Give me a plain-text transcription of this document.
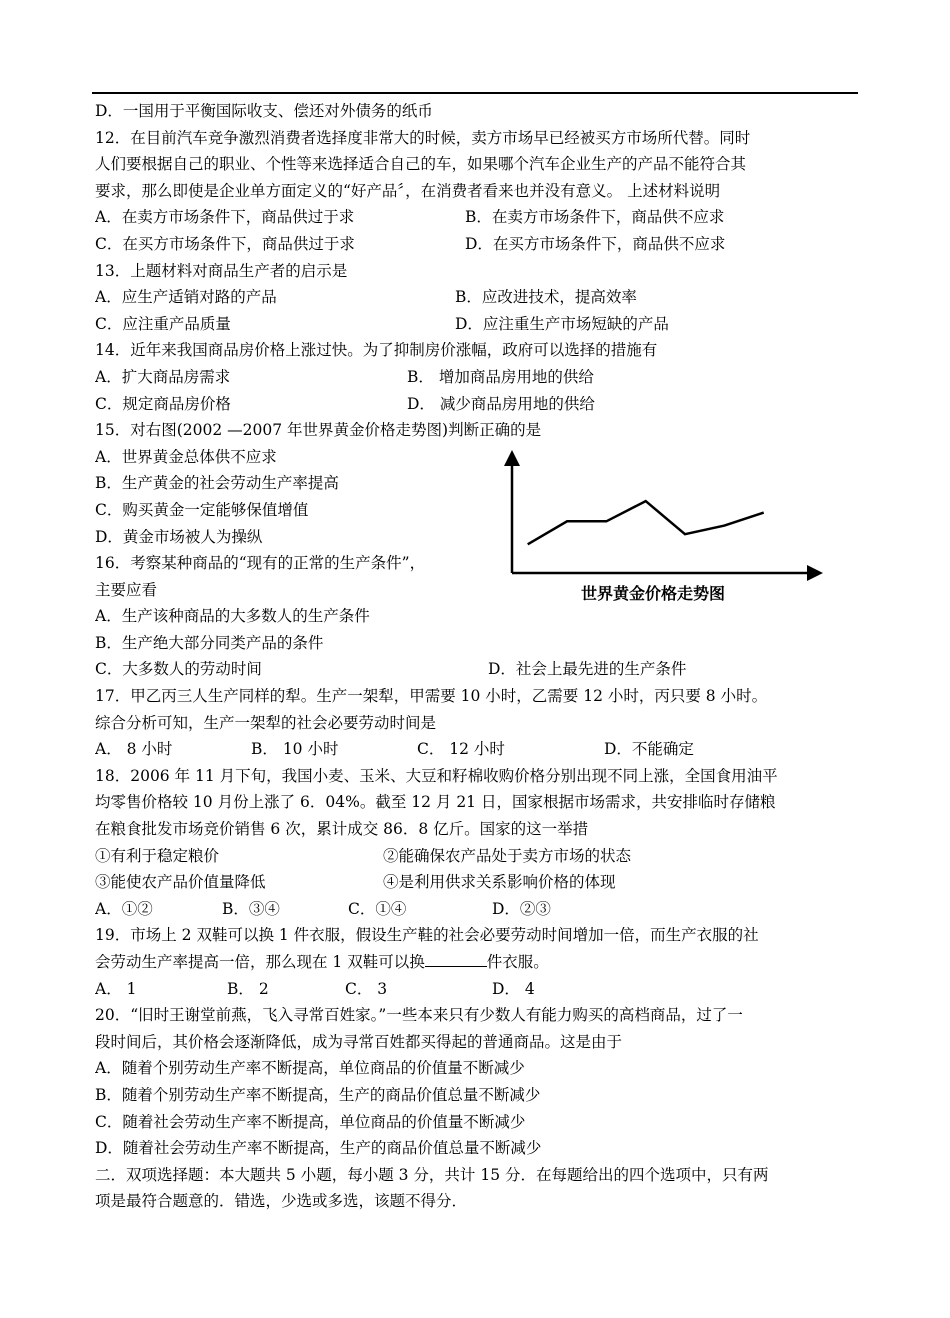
D．一国用于平衡国际收支、偿还对外债务的纸币
12．在目前汽车竞争激烈消费者选择度非常大的时候，卖方市场早已经被买方市场所代替。同时
人们要根据自己的职业、个性等来选择适合自己的车，如果哪个汽车企业生产的产品不能符合其
要求，那么即使是企业单方面定义的“好产品〞，在消费者看来也并没有意义。 上述材料说明
A．在卖方市场条件下，商品供过于求	B．在卖方市场条件下，商品供不应求
C．在买方市场条件下，商品供过于求	D．在买方市场条件下，商品供不应求
13．上题材料对商品生产者的启示是
A．应生产适销对路的产品	B．应改进技术，提高效率
C．应注重产品质量	D．应注重生产市场短缺的产品
14．近年来我国商品房价格上涨过快。为了抑制房价涨幅，政府可以选择的措施有
A．扩大商品房需求	B． 增加商品房用地的供给
C．规定商品房价格	D． 减少商品房用地的供给
15．对右图(2002 —2007 年世界黄金价格走势图)判断正确的是
A．世界黄金总体供不应求
B．生产黄金的社会劳动生产率提高
C．购买黄金一定能够保值增值
D．黄金市场被人为操纵
16．考察某种商品的“现有的正常的生产条件”，
主要应看
A．生产该种商品的大多数人的生产条件
B．生产绝大部分同类产品的条件
C．大多数人的劳动时间	D．社会上最先进的生产条件
17．甲乙丙三人生产同样的犁。生产一架犁，甲需要 10 小时，乙需要 12 小时，丙只要 8 小时。
综合分析可知，生产一架犁的社会必要劳动时间是
A． 8 小时	B． 10 小时	C． 12 小时	D．不能确定
18．2006 年 11 月下旬，我国小麦、玉米、大豆和籽棉收购价格分别出现不同上涨，全国食用油平
均零售价格较 10 月份上涨了 6．04%。截至 12 月 21 日，国家根据市场需求，共安排临时存储粮
在粮食批发市场竞价销售 6 次，累计成交 86．8 亿斤。国家的这一举措
①有利于稳定粮价	②能确保农产品处于卖方市场的状态
③能使农产品价值量降低	④是利用供求关系影响价格的体现
A．①②	B．③④	C．①④	D．②③
19．市场上 2 双鞋可以换 1 件衣服，假设生产鞋的社会必要劳动时间增加一倍，而生产衣服的社
会劳动生产率提高一倍，那么现在 1 双鞋可以换	件衣服。
A． 1	B． 2	C． 3	D． 4
20．“旧时王谢堂前燕，飞入寻常百姓家。”一些本来只有少数人有能力购买的高档商品，过了一
段时间后，其价格会逐渐降低，成为寻常百姓都买得起的普通商品。这是由于
A．随着个别劳动生产率不断提高，单位商品的价值量不断减少
B．随着个别劳动生产率不断提高，生产的商品价值总量不断减少
C．随着社会劳动生产率不断提高，单位商品的价值量不断减少
D．随着社会劳动生产率不断提高，生产的商品价值总量不断减少
二．双项选择题：本大题共 5 小题，每小题 3 分，共计 15 分．在每题给出的四个选项中，只有两
项是最符合题意的．错选，少选或多选，该题不得分．
世界黄金价格走势图
